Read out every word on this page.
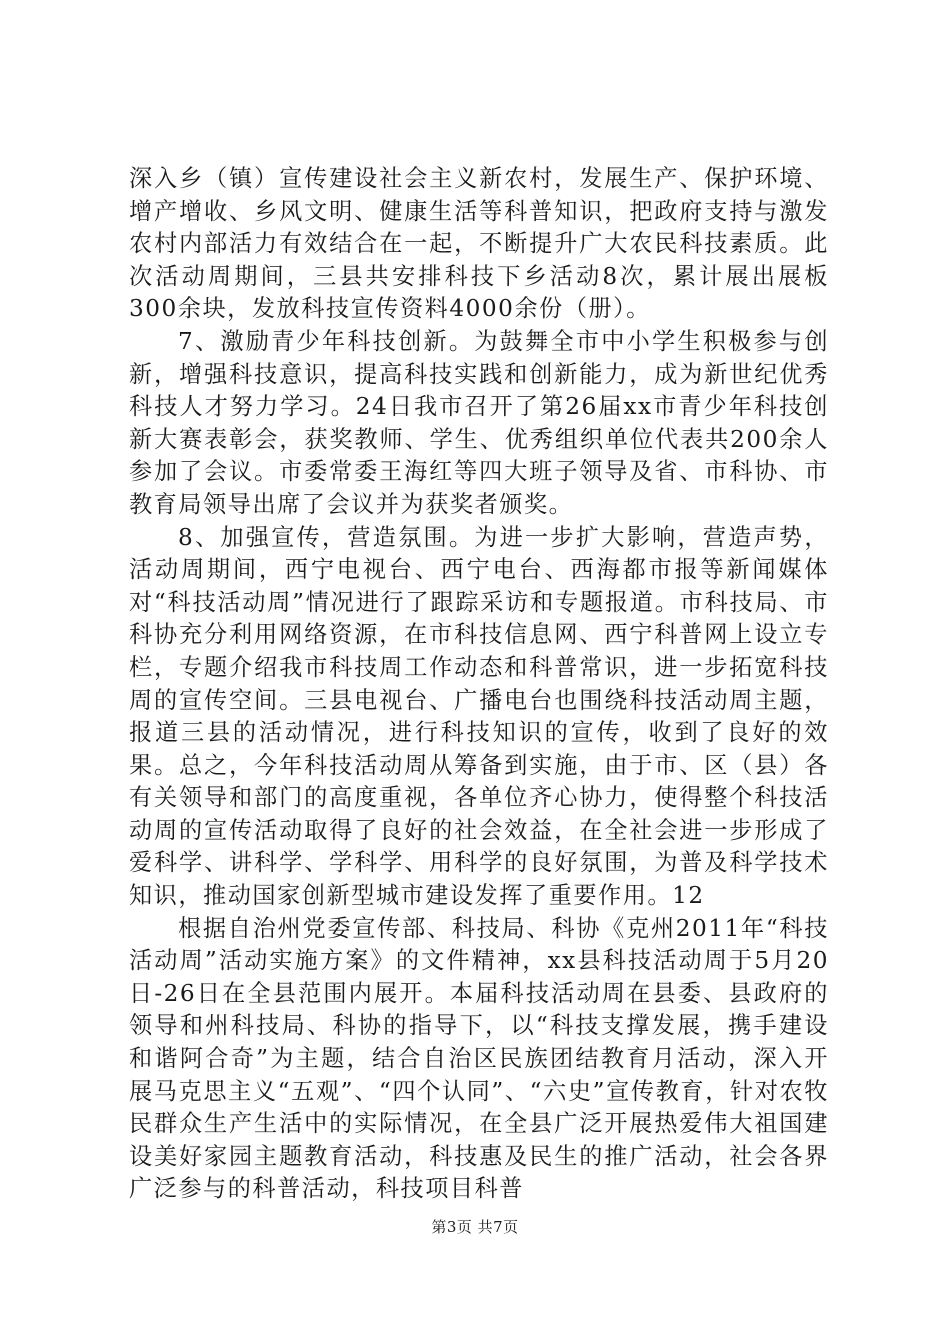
深入乡（镇）宣传建设社会主义新农村，发展生产、保护环境、增产增收、乡风文明、健康生活等科普知识，把政府支持与激发农村内部活力有效结合在一起，不断提升广大农民科技素质。此次活动周期间，三县共安排科技下乡活动8次，累计展出展板300余块，发放科技宣传资料4000余份（册）。

7、激励青少年科技创新。为鼓舞全市中小学生积极参与创新，增强科技意识，提高科技实践和创新能力，成为新世纪优秀科技人才努力学习。24日我市召开了第26届xx市青少年科技创新大赛表彰会，获奖教师、学生、优秀组织单位代表共200余人参加了会议。市委常委王海红等四大班子领导及省、市科协、市教育局领导出席了会议并为获奖者颁奖。

8、加强宣传，营造氛围。为进一步扩大影响，营造声势，活动周期间，西宁电视台、西宁电台、西海都市报等新闻媒体对“科技活动周”情况进行了跟踪采访和专题报道。市科技局、市科协充分利用网络资源，在市科技信息网、西宁科普网上设立专栏，专题介绍我市科技周工作动态和科普常识，进一步拓宽科技周的宣传空间。三县电视台、广播电台也围绕科技活动周主题，报道三县的活动情况，进行科技知识的宣传，收到了良好的效果。总之，今年科技活动周从筹备到实施，由于市、区（县）各有关领导和部门的高度重视，各单位齐心协力，使得整个科技活动周的宣传活动取得了良好的社会效益，在全社会进一步形成了爱科学、讲科学、学科学、用科学的良好氛围，为普及科学技术知识，推动国家创新型城市建设发挥了重要作用。12

根据自治州党委宣传部、科技局、科协《克州2011年“科技活动周”活动实施方案》的文件精神，xx县科技活动周于5月20日-26日在全县范围内展开。本届科技活动周在县委、县政府的领导和州科技局、科协的指导下，以“科技支撑发展，携手建设和谐阿合奇”为主题，结合自治区民族团结教育月活动，深入开展马克思主义“五观”、“四个认同”、“六史”宣传教育，针对农牧民群众生产生活中的实际情况，在全县广泛开展热爱伟大祖国建设美好家园主题教育活动，科技惠及民生的推广活动，社会各界广泛参与的科普活动，科技项目科普

第3页 共7页
